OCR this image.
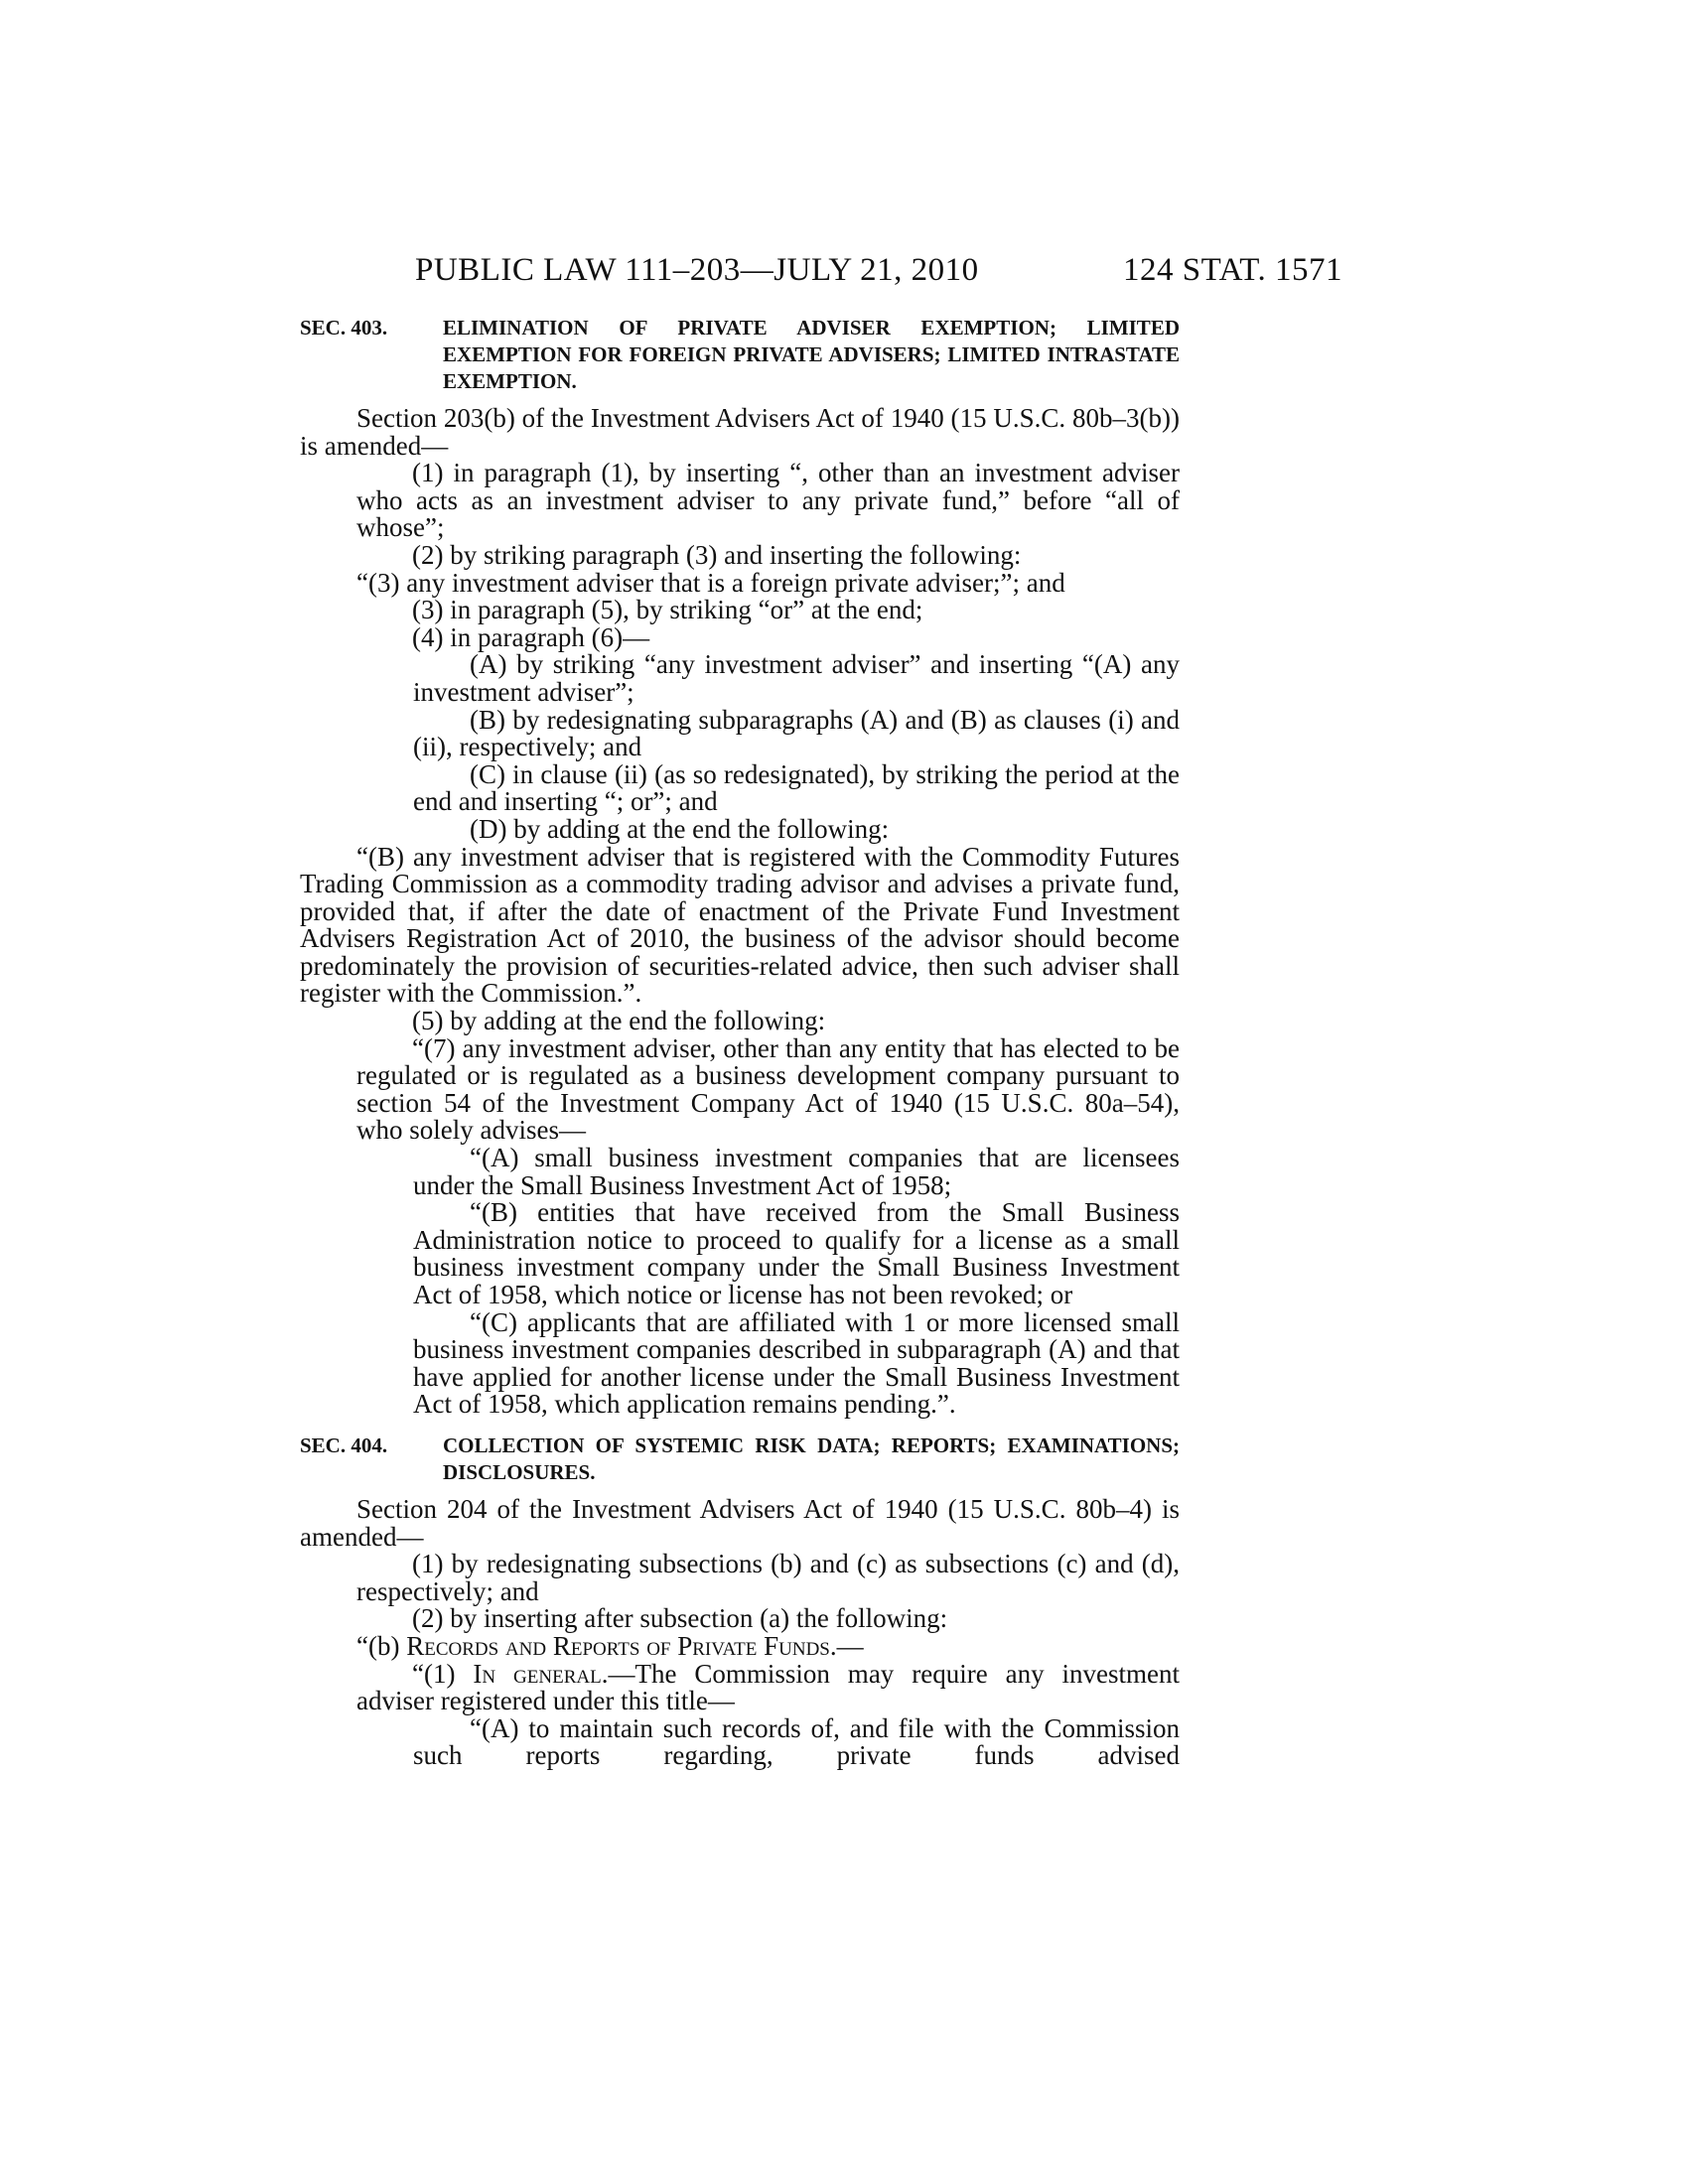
PUBLIC LAW 111–203—JULY 21, 2010	124 STAT. 1571
SEC. 403.	ELIMINATION OF PRIVATE ADVISER EXEMPTION; LIMITED EXEMPTION FOR FOREIGN PRIVATE ADVISERS; LIMITED INTRASTATE EXEMPTION.

Section 203(b) of the Investment Advisers Act of 1940 (15 U.S.C. 80b–3(b)) is amended—

(1) in paragraph (1), by inserting “, other than an investment adviser who acts as an investment adviser to any private fund,” before “all of whose”;

(2) by striking paragraph (3) and inserting the following:

“(3) any investment adviser that is a foreign private adviser;”; and

(3) in paragraph (5), by striking “or” at the end;

(4) in paragraph (6)—

(A) by striking “any investment adviser” and inserting “(A) any investment adviser”;

(B) by redesignating subparagraphs (A) and (B) as clauses (i) and (ii), respectively; and

(C) in clause (ii) (as so redesignated), by striking the period at the end and inserting “; or”; and

(D) by adding at the end the following:

“(B) any investment adviser that is registered with the Commodity Futures Trading Commission as a commodity trading advisor and advises a private fund, provided that, if after the date of enactment of the Private Fund Investment Advisers Registration Act of 2010, the business of the advisor should become predominately the provision of securities-related advice, then such adviser shall register with the Commission.”.

(5) by adding at the end the following:

“(7) any investment adviser, other than any entity that has elected to be regulated or is regulated as a business development company pursuant to section 54 of the Investment Company Act of 1940 (15 U.S.C. 80a–54), who solely advises—

“(A) small business investment companies that are licensees under the Small Business Investment Act of 1958;

“(B) entities that have received from the Small Business Administration notice to proceed to qualify for a license as a small business investment company under the Small Business Investment Act of 1958, which notice or license has not been revoked; or

“(C) applicants that are affiliated with 1 or more licensed small business investment companies described in subparagraph (A) and that have applied for another license under the Small Business Investment Act of 1958, which application remains pending.”.

SEC. 404.	COLLECTION OF SYSTEMIC RISK DATA; REPORTS; EXAMINATIONS; DISCLOSURES.

Section 204 of the Investment Advisers Act of 1940 (15 U.S.C. 80b–4) is amended—

(1) by redesignating subsections (b) and (c) as subsections (c) and (d), respectively; and

(2) by inserting after subsection (a) the following:

“(b) Records and Reports of Private Funds.—

“(1) In general.—The Commission may require any investment adviser registered under this title—

“(A) to maintain such records of, and file with the Commission such reports regarding, private funds advised
